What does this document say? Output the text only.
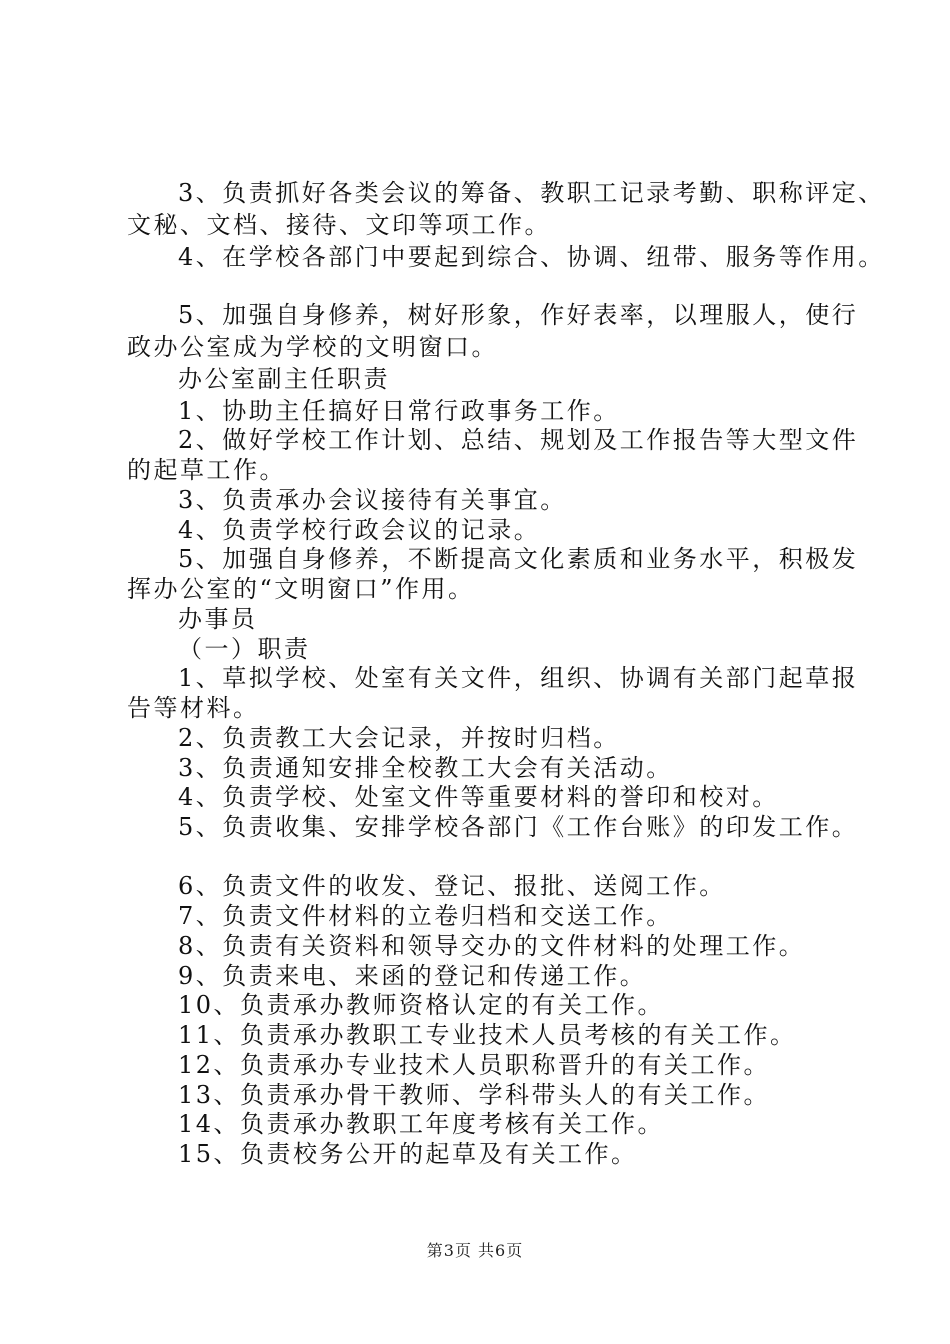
3、负责抓好各类会议的筹备、教职工记录考勤、职称评定、
文秘、文档、接待、文印等项工作。
4、在学校各部门中要起到综合、协调、纽带、服务等作用。
5、加强自身修养，树好形象，作好表率，以理服人，使行
政办公室成为学校的文明窗口。
办公室副主任职责
1、协助主任搞好日常行政事务工作。
2、做好学校工作计划、总结、规划及工作报告等大型文件
的起草工作。
3、负责承办会议接待有关事宜。
4、负责学校行政会议的记录。
5、加强自身修养，不断提高文化素质和业务水平，积极发
挥办公室的“文明窗口”作用。
办事员
（一）职责
1、草拟学校、处室有关文件，组织、协调有关部门起草报
告等材料。
2、负责教工大会记录，并按时归档。
3、负责通知安排全校教工大会有关活动。
4、负责学校、处室文件等重要材料的誉印和校对。
5、负责收集、安排学校各部门《工作台账》的印发工作。
6、负责文件的收发、登记、报批、送阅工作。
7、负责文件材料的立卷归档和交送工作。
8、负责有关资料和领导交办的文件材料的处理工作。
9、负责来电、来函的登记和传递工作。
10、负责承办教师资格认定的有关工作。
11、负责承办教职工专业技术人员考核的有关工作。
12、负责承办专业技术人员职称晋升的有关工作。
13、负责承办骨干教师、学科带头人的有关工作。
14、负责承办教职工年度考核有关工作。
15、负责校务公开的起草及有关工作。
第3页 共6页
